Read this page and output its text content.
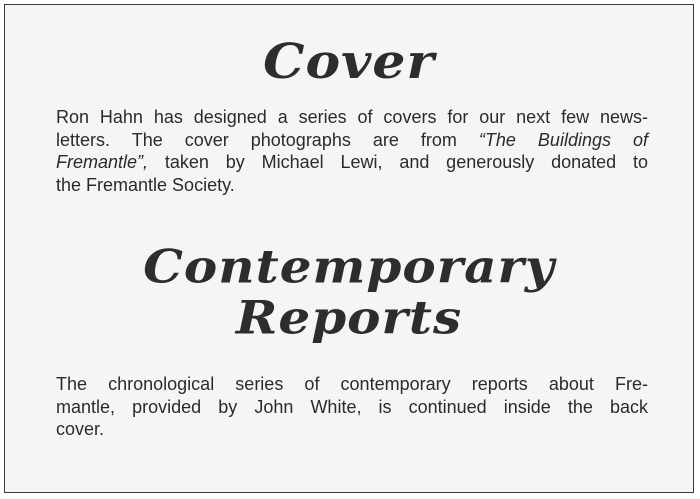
Cover

Ron Hahn has designed a series of covers for our next few news-
letters. The cover photographs are from “The Buildings of
Fremantle”, taken by Michael Lewi, and generously donated to
the Fremantle Society.

Contemporary
Reports

The chronological series of contemporary reports about Fre-
mantle, provided by John White, is continued inside the back
cover.
